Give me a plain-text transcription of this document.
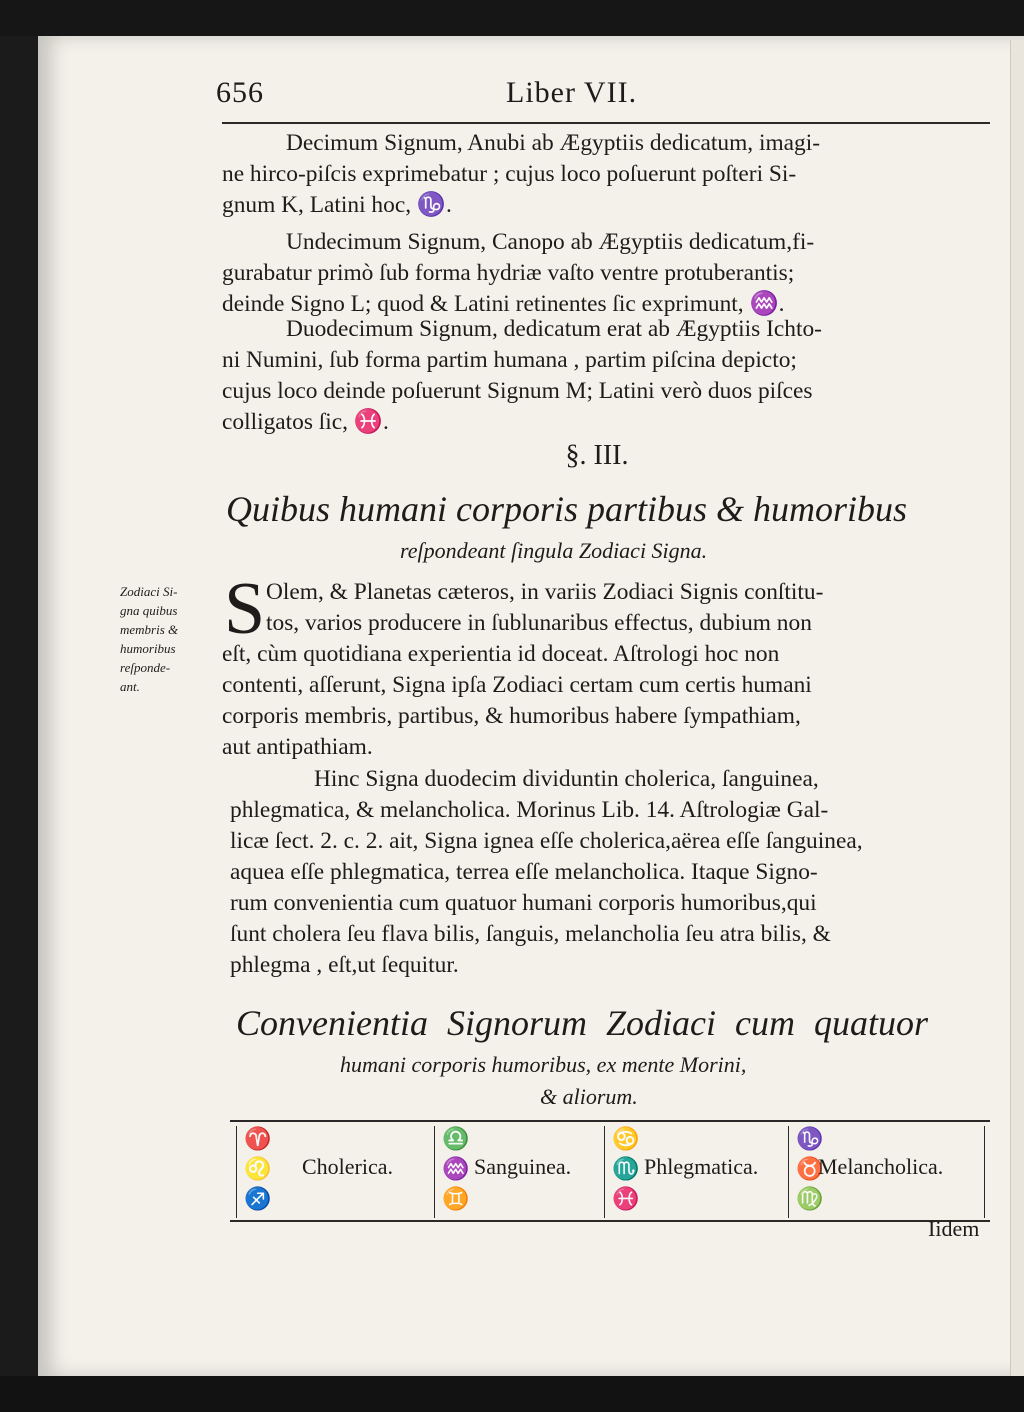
656	Liber VII.

Decimum Signum, Anubi ab Ægyptiis dedicatum, imagi-
ne hirco-piſcis exprimebatur ; cujus loco poſuerunt poſteri Si-
gnum K, Latini hoc, ♑.

Undecimum Signum, Canopo ab Ægyptiis dedicatum,fi-
gurabatur primò ſub forma hydriæ vaſto ventre protuberantis;
deinde Signo L; quod & Latini retinentes ſic exprimunt, ♒.

Duodecimum Signum, dedicatum erat ab Ægyptiis Ichto-
ni Numini, ſub forma partim humana , partim piſcina depicto;
cujus loco deinde poſuerunt Signum M; Latini verò duos piſces
colligatos ſic, ♓.

§. III.
Quibus humani corporis partibus & humoribus
reſpondeant ſingula Zodiaci Signa.
Zodiaci Si-
gna quibus
membris &
humoribus
reſponde-
ant.
S Olem, & Planetas cæteros, in variis Zodiaci Signis conſtitu-
tos, varios producere in ſublunaribus effectus, dubium non
eſt, cùm quotidiana experientia id doceat. Aſtrologi hoc non
contenti, aſſerunt, Signa ipſa Zodiaci certam cum certis humani
corporis membris, partibus, & humoribus habere ſympathiam,
aut antipathiam.

Hinc Signa duodecim dividuntin cholerica, ſanguinea,
phlegmatica, & melancholica. Morinus Lib. 14. Aſtrologiæ Gal-
licæ ſect. 2. c. 2. ait, Signa ignea eſſe cholerica,aërea eſſe ſanguinea,
aquea eſſe phlegmatica, terrea eſſe melancholica. Itaque Signo-
rum convenientia cum quatuor humani corporis humoribus,qui
ſunt cholera ſeu flava bilis, ſanguis, melancholia ſeu atra bilis, &
phlegma , eſt,ut ſequitur.

Convenientia Signorum Zodiaci cum quatuor
humani corporis humoribus, ex mente Morini,
& aliorum.
♈
♌
♐
Cholerica.
♎
♒
♊
Sanguinea.
♋
♏
♓
Phlegmatica.
♑
♉
♍
Melancholica.
Iidem
